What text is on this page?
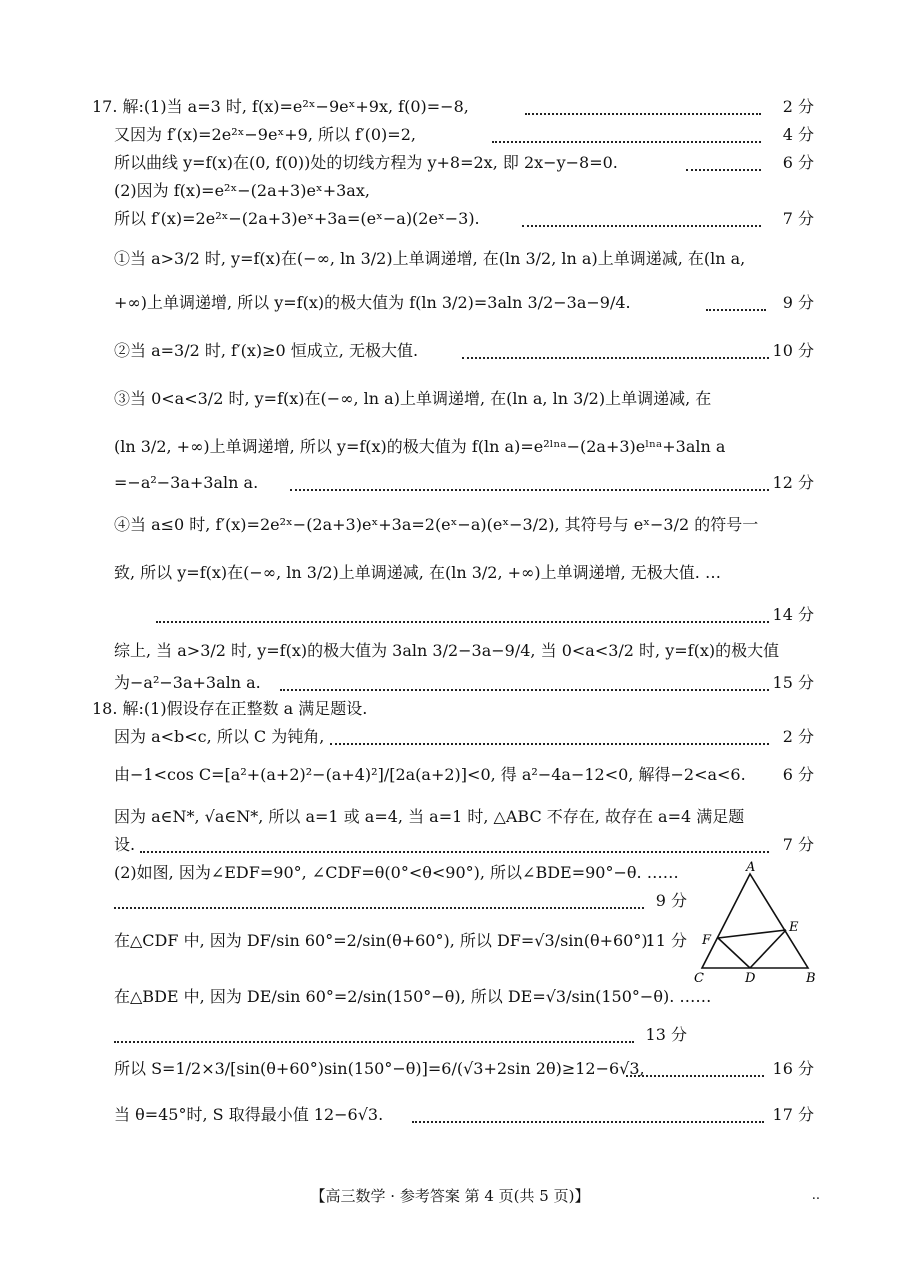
17. 解:(1)当 a=3 时, f(x)=e²ˣ−9eˣ+9x, f(0)=−8,	2 分
又因为 f′(x)=2e²ˣ−9eˣ+9, 所以 f′(0)=2,	4 分
所以曲线 y=f(x)在(0, f(0))处的切线方程为 y+8=2x, 即 2x−y−8=0.	6 分
(2)因为 f(x)=e²ˣ−(2a+3)eˣ+3ax,
所以 f′(x)=2e²ˣ−(2a+3)eˣ+3a=(eˣ−a)(2eˣ−3).	7 分
①当 a>3/2 时, y=f(x)在(−∞, ln 3/2)上单调递增, 在(ln 3/2, ln a)上单调递减, 在(ln a,
+∞)上单调递增, 所以 y=f(x)的极大值为 f(ln 3/2)=3aln 3/2−3a−9/4.	9 分
②当 a=3/2 时, f′(x)≥0 恒成立, 无极大值.	10 分
③当 0<a<3/2 时, y=f(x)在(−∞, ln a)上单调递增, 在(ln a, ln 3/2)上单调递减, 在
(ln 3/2, +∞)上单调递增, 所以 y=f(x)的极大值为 f(ln a)=e²ˡⁿᵃ−(2a+3)eˡⁿᵃ+3aln a
=−a²−3a+3aln a.	12 分
④当 a≤0 时, f′(x)=2e²ˣ−(2a+3)eˣ+3a=2(eˣ−a)(eˣ−3/2), 其符号与 eˣ−3/2 的符号一
致, 所以 y=f(x)在(−∞, ln 3/2)上单调递减, 在(ln 3/2, +∞)上单调递增, 无极大值. …
14 分
综上, 当 a>3/2 时, y=f(x)的极大值为 3aln 3/2−3a−9/4, 当 0<a<3/2 时, y=f(x)的极大值
为−a²−3a+3aln a.	15 分
18. 解:(1)假设存在正整数 a 满足题设.
因为 a<b<c, 所以 C 为钝角,	2 分
由−1<cos C=[a²+(a+2)²−(a+4)²]/[2a(a+2)]<0, 得 a²−4a−12<0, 解得−2<a<6. 6 分
因为 a∈N*, √a∈N*, 所以 a=1 或 a=4, 当 a=1 时, △ABC 不存在, 故存在 a=4 满足题
设.	7 分
(2)如图, 因为∠EDF=90°, ∠CDF=θ(0°<θ<90°), 所以∠BDE=90°−θ. ……
9 分
在△CDF 中, 因为 DF/sin 60°=2/sin(θ+60°), 所以 DF=√3/sin(θ+60°).
11 分
在△BDE 中, 因为 DE/sin 60°=2/sin(150°−θ), 所以 DE=√3/sin(150°−θ). ……
13 分
所以 S=1/2×3/[sin(θ+60°)sin(150°−θ)]=6/(√3+2sin 2θ)≥12−6√3,	16 分
当 θ=45°时, S 取得最小值 12−6√3.	17 分
A
E
F
C	D	B
【高三数学 · 参考答案 第 4 页(共 5 页)】	..
